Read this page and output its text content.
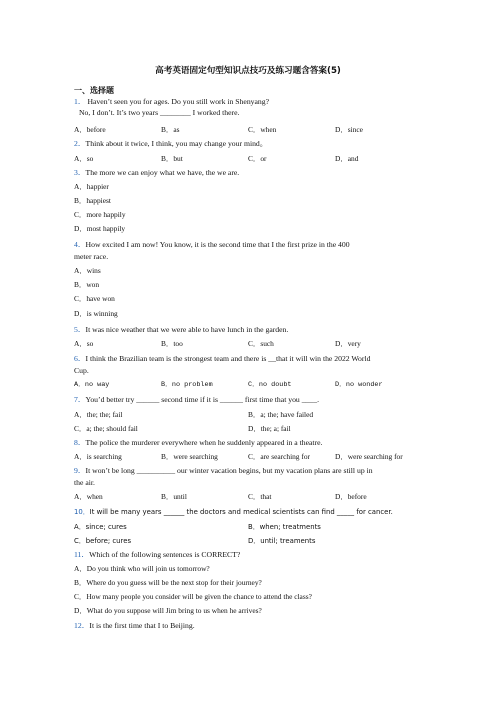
高考英语固定句型知识点技巧及练习题含答案(5)
一、选择题
1． Haven’t seen you for ages. Do you still work in Shenyang?
No, I don’t. It’s two years ________ I worked there.
A．before	B．as	C．when	D．since
2．Think about it twice, I think, you may change your mind。
A．so	B．but	C．or	D．and
3．The more we can enjoy what we have, the we are.
A．happier
B．happiest
C．more happily
D．most happily
4．How excited I am now! You know, it is the second time that I the first prize in the 400
meter race.
A．wins
B．won
C．have won
D．is winning
5．It was nice weather that we were able to have lunch in the garden.
A．so	B．too	C．such	D．very
6．I think the Brazilian team is the strongest team and there is __that it will win the 2022 World
Cup.
A．no way	B．no problem	C．no doubt	D．no wonder
7．You’d better try ______ second time if it is ______ first time that you ____.
A．the; the; fail	B．a; the; have failed
C．a; the; should fail	D．the; a; fail
8．The police the murderer everywhere when he suddenly appeared in a theatre.
A．is searching	B．were searching	C．are searching for	D．were searching for
9．It won’t be long __________ our winter vacation begins, but my vacation plans are still up in
the air.
A．when	B．until	C．that	D．before
10．It will be many years ______ the doctors and medical scientists can find _____ for cancer.
A．since; cures	B．when; treatments
C．before; cures	D．until; treaments
11．Which of the following sentences is CORRECT?
A．Do you think who will join us tomorrow?
B．Where do you guess will be the next stop for their journey?
C．How many people you consider will be given the chance to attend the class?
D．What do you suppose will Jim bring to us when he arrives?
12．It is the first time that I to Beijing.
